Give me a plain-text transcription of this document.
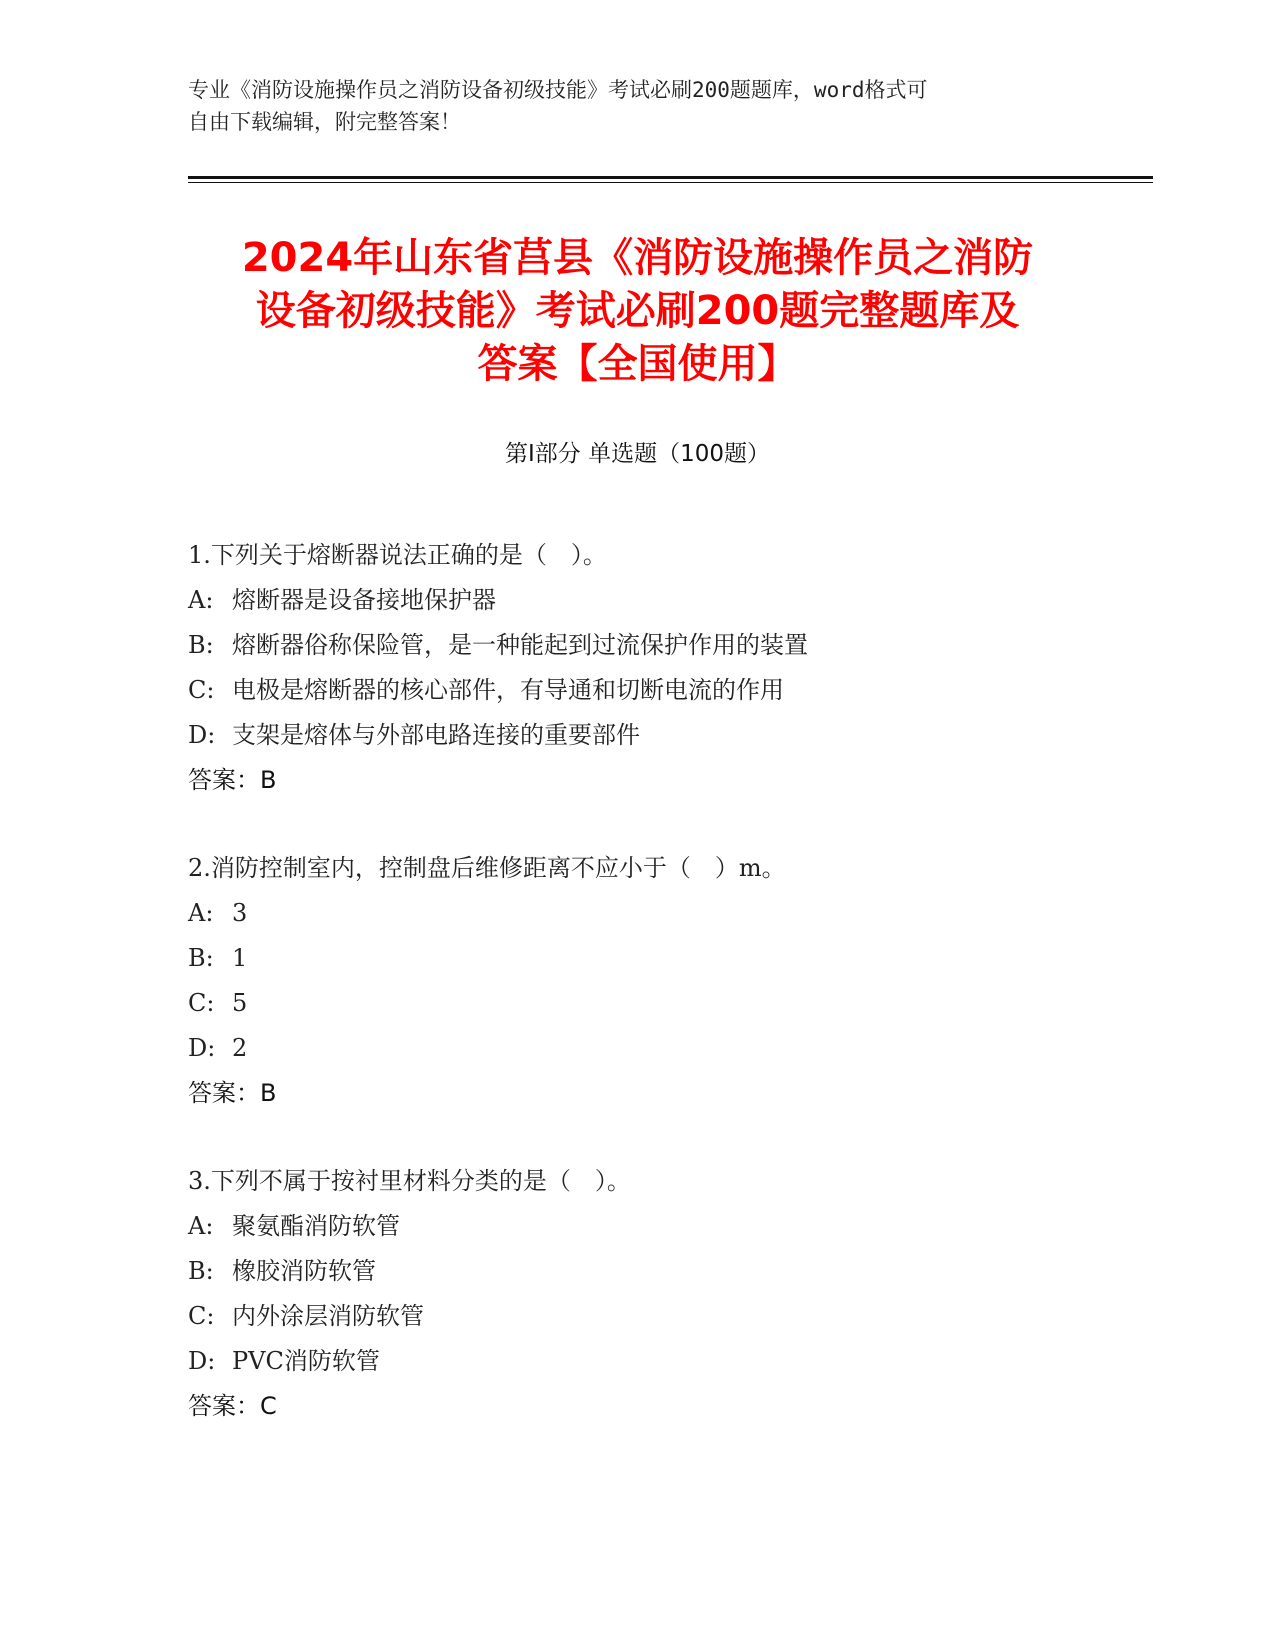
专业《消防设施操作员之消防设备初级技能》考试必刷200题题库，word格式可
自由下载编辑，附完整答案！
2024年山东省莒县《消防设施操作员之消防
设备初级技能》考试必刷200题完整题库及
答案【全国使用】
第I部分 单选题（100题）
1.下列关于熔断器说法正确的是（　）。
A: 熔断器是设备接地保护器
B: 熔断器俗称保险管，是一种能起到过流保护作用的装置
C: 电极是熔断器的核心部件，有导通和切断电流的作用
D: 支架是熔体与外部电路连接的重要部件
答案：B
2.消防控制室内，控制盘后维修距离不应小于（　）m。
A: 3
B: 1
C: 5
D: 2
答案：B
3.下列不属于按衬里材料分类的是（　）。
A: 聚氨酯消防软管
B: 橡胶消防软管
C: 内外涂层消防软管
D: PVC消防软管
答案：C
